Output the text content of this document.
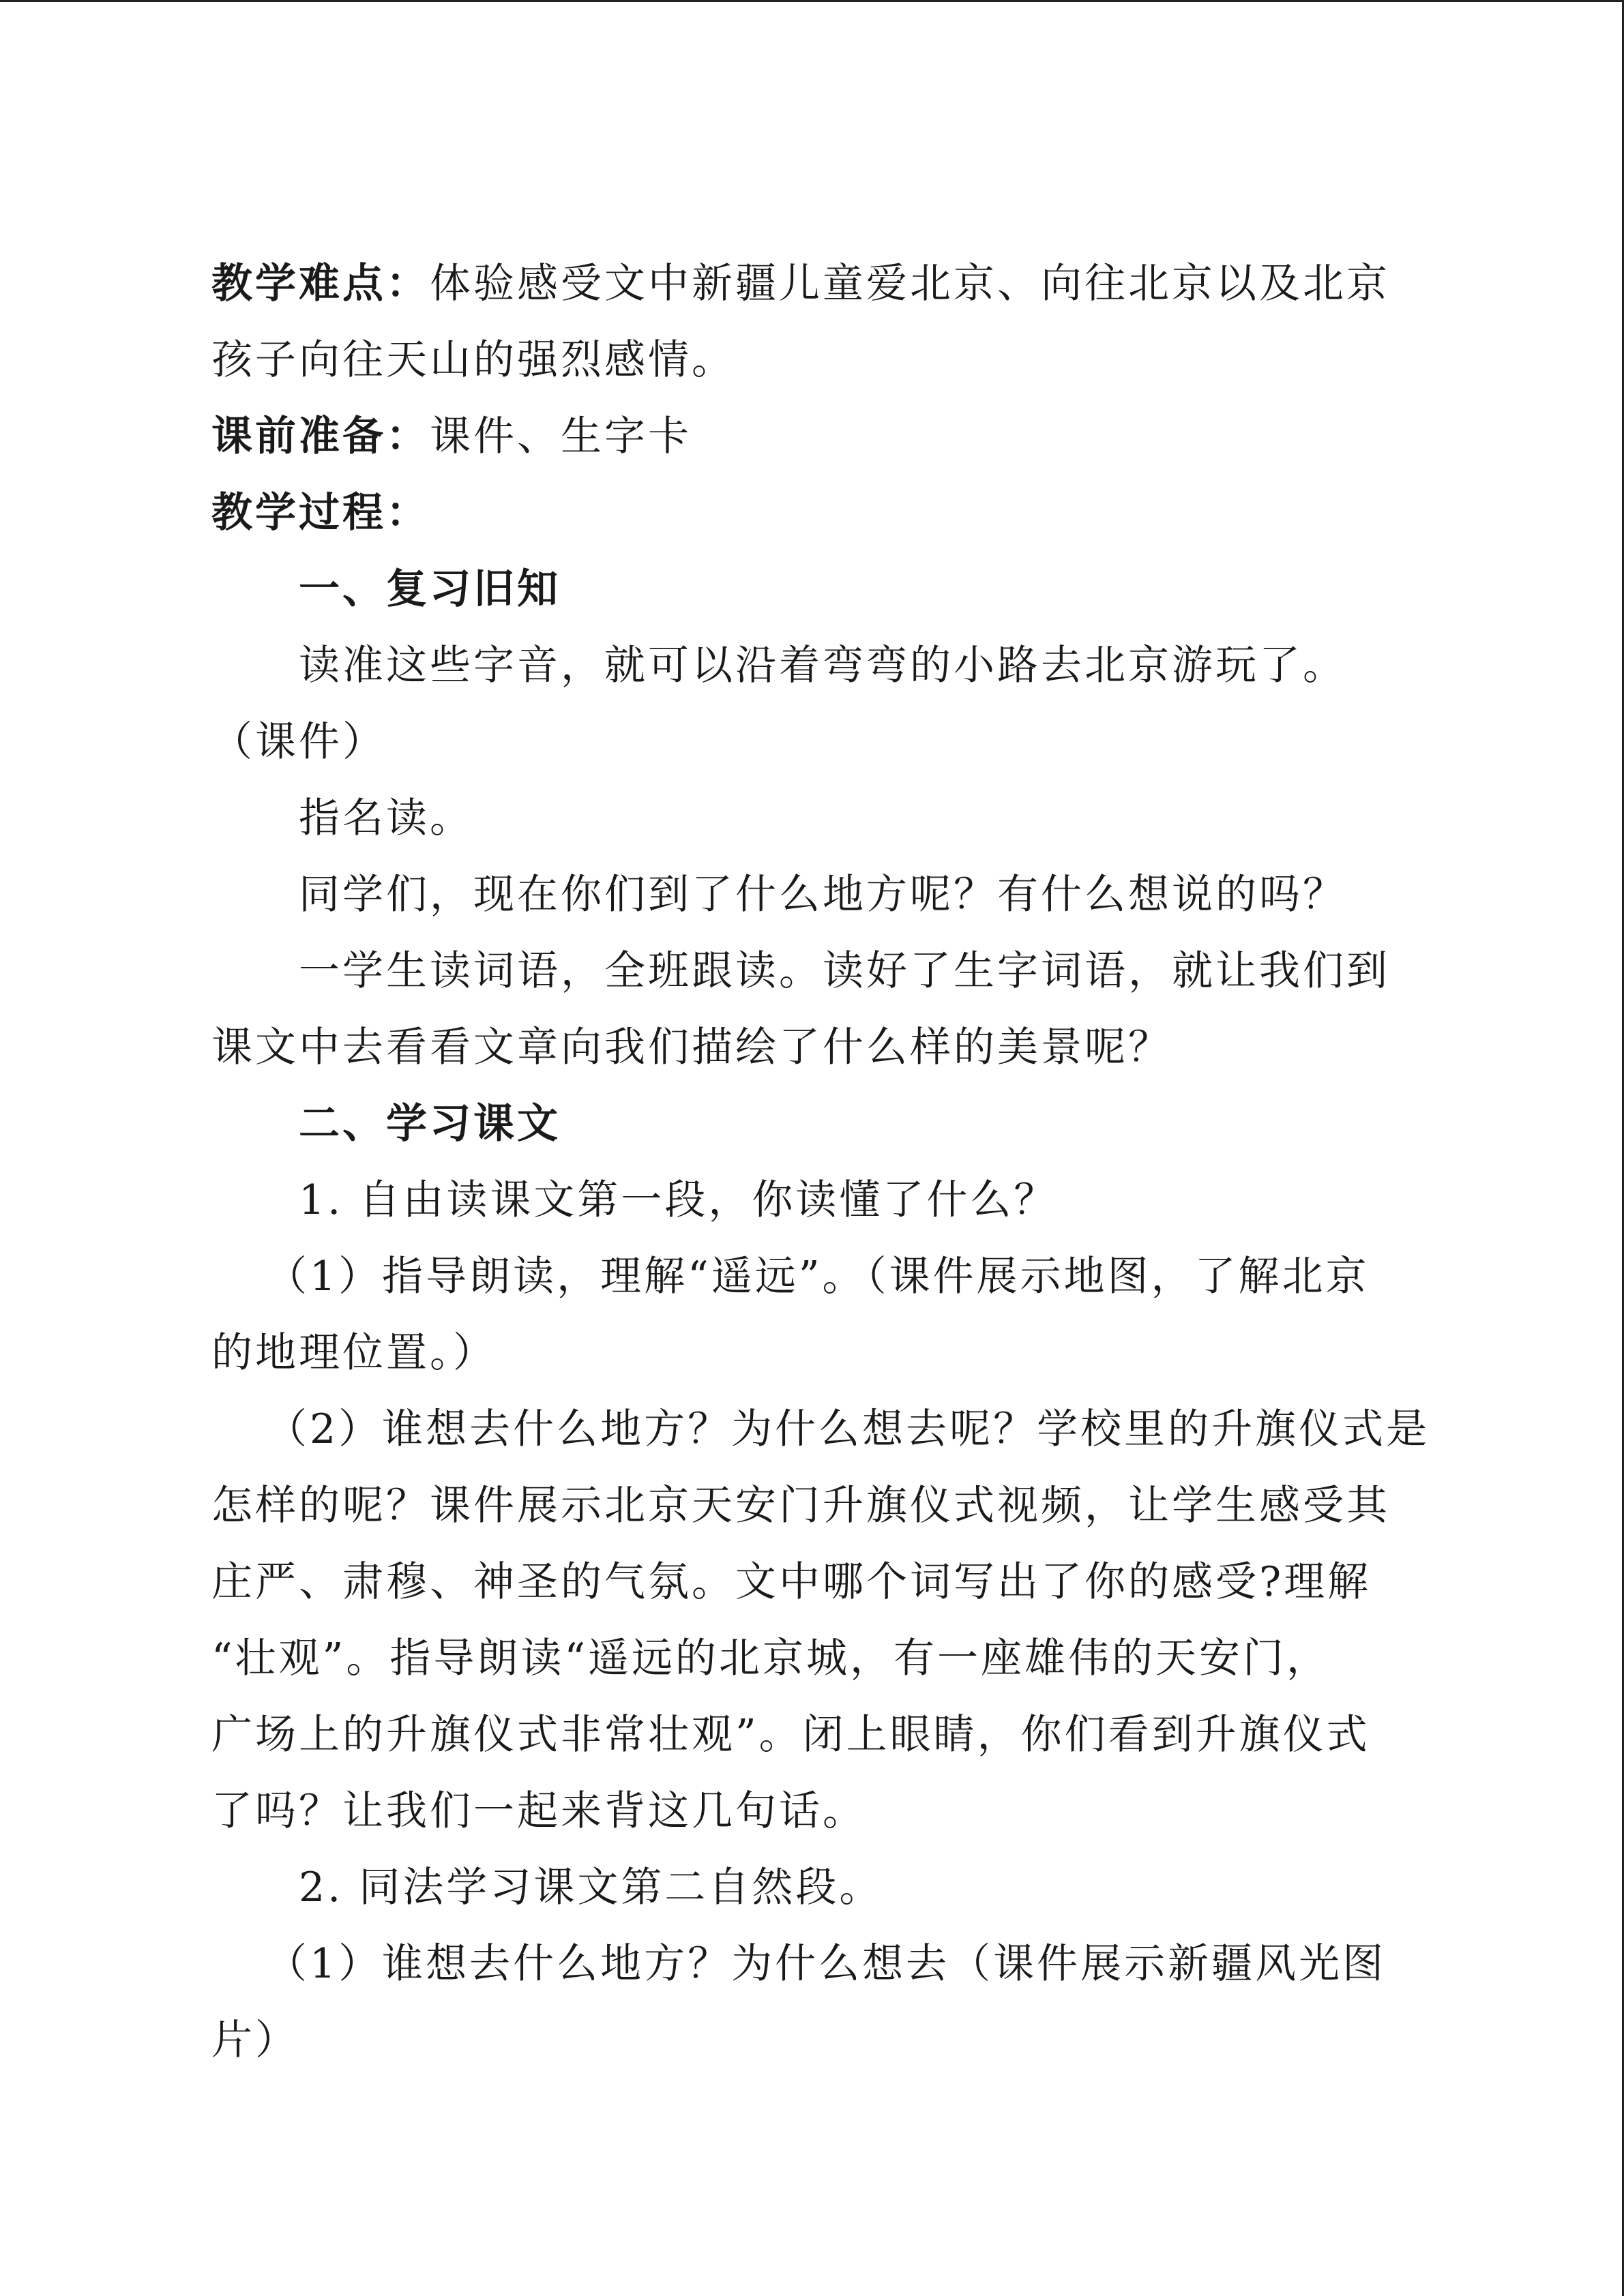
教学难点：体验感受文中新疆儿童爱北京、向往北京以及北京
孩子向往天山的强烈感情。
课前准备：课件、生字卡
教学过程：
一、复习旧知
读准这些字音，就可以沿着弯弯的小路去北京游玩了。
（课件）
指名读。
同学们，现在你们到了什么地方呢？有什么想说的吗？
一学生读词语，全班跟读。读好了生字词语，就让我们到
课文中去看看文章向我们描绘了什么样的美景呢？
二、学习课文
1. 自由读课文第一段，你读懂了什么？
（1）指导朗读，理解“遥远”。（课件展示地图，了解北京
的地理位置。）
（2）谁想去什么地方？为什么想去呢？学校里的升旗仪式是
怎样的呢？课件展示北京天安门升旗仪式视频，让学生感受其
庄严、肃穆、神圣的气氛。文中哪个词写出了你的感受?理解
“壮观”。指导朗读“遥远的北京城，有一座雄伟的天安门，
广场上的升旗仪式非常壮观”。闭上眼睛，你们看到升旗仪式
了吗？让我们一起来背这几句话。
2. 同法学习课文第二自然段。
（1）谁想去什么地方？为什么想去（课件展示新疆风光图
片）
